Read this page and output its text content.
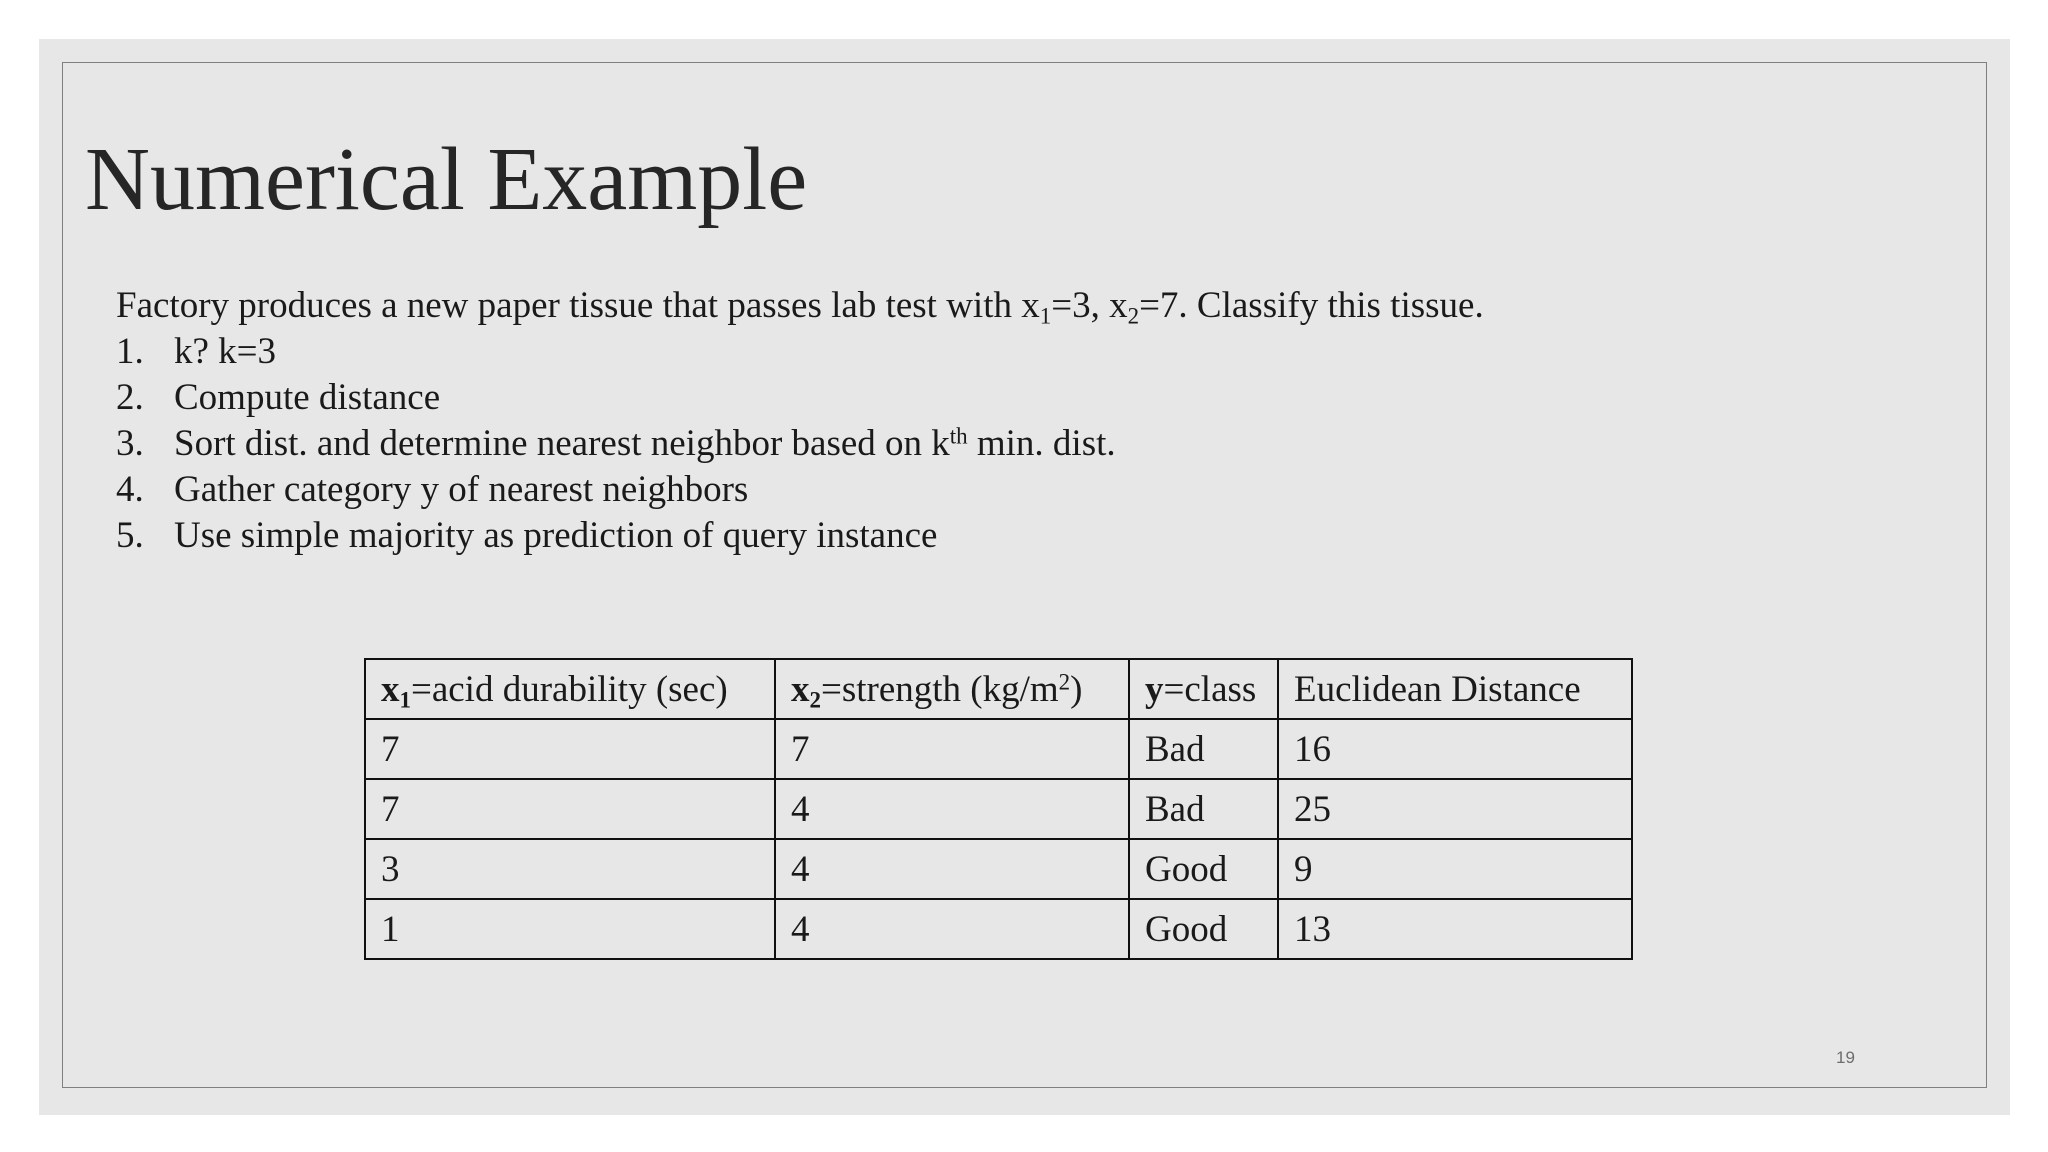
Numerical Example
Factory produces a new paper tissue that passes lab test with $x_1=3$, $x_2=7$. Classify this tissue.
1. k? k=3
2. Compute distance
3. Sort dist. and determine nearest neighbor based on $k^{th}$ min. dist.
4. Gather category y of nearest neighbors
5. Use simple majority as prediction of query instance
$x_1=acid$ durability (sec)	$x_2=strength$ $(kg/m^2)$	y=class	Euclidean Distance
7	7	Bad	16
7	4	Bad	25
3	4	Good	9
1	4	Good	13
19
